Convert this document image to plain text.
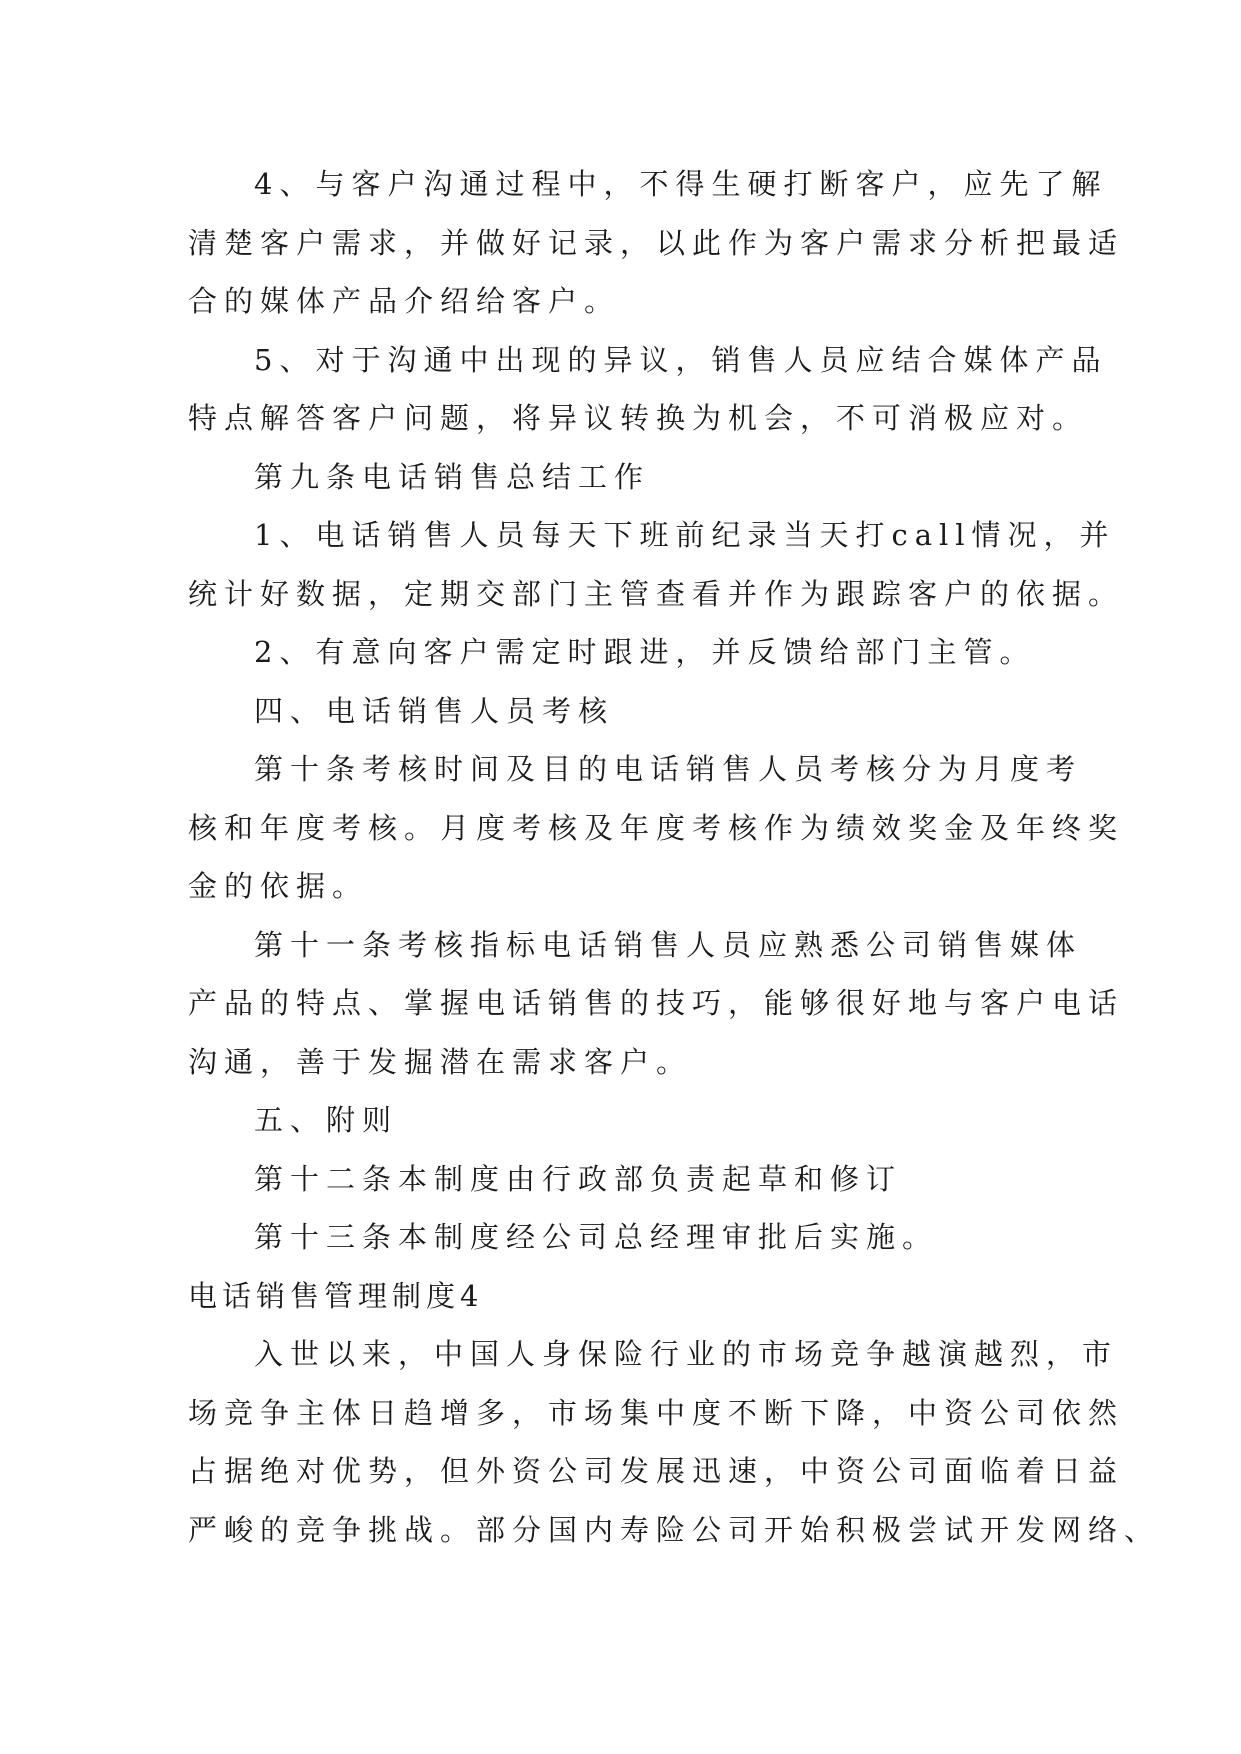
4、与客户沟通过程中，不得生硬打断客户，应先了解
清楚客户需求，并做好记录，以此作为客户需求分析把最适
合的媒体产品介绍给客户。
5、对于沟通中出现的异议，销售人员应结合媒体产品
特点解答客户问题，将异议转换为机会，不可消极应对。
第九条电话销售总结工作
1、电话销售人员每天下班前纪录当天打call情况，并
统计好数据，定期交部门主管查看并作为跟踪客户的依据。
2、有意向客户需定时跟进，并反馈给部门主管。
四、电话销售人员考核
第十条考核时间及目的电话销售人员考核分为月度考
核和年度考核。月度考核及年度考核作为绩效奖金及年终奖
金的依据。
第十一条考核指标电话销售人员应熟悉公司销售媒体
产品的特点、掌握电话销售的技巧，能够很好地与客户电话
沟通，善于发掘潜在需求客户。
五、附则
第十二条本制度由行政部负责起草和修订
第十三条本制度经公司总经理审批后实施。
电话销售管理制度4
入世以来，中国人身保险行业的市场竞争越演越烈，市
场竞争主体日趋增多，市场集中度不断下降，中资公司依然
占据绝对优势，但外资公司发展迅速，中资公司面临着日益
严峻的竞争挑战。部分国内寿险公司开始积极尝试开发网络、
